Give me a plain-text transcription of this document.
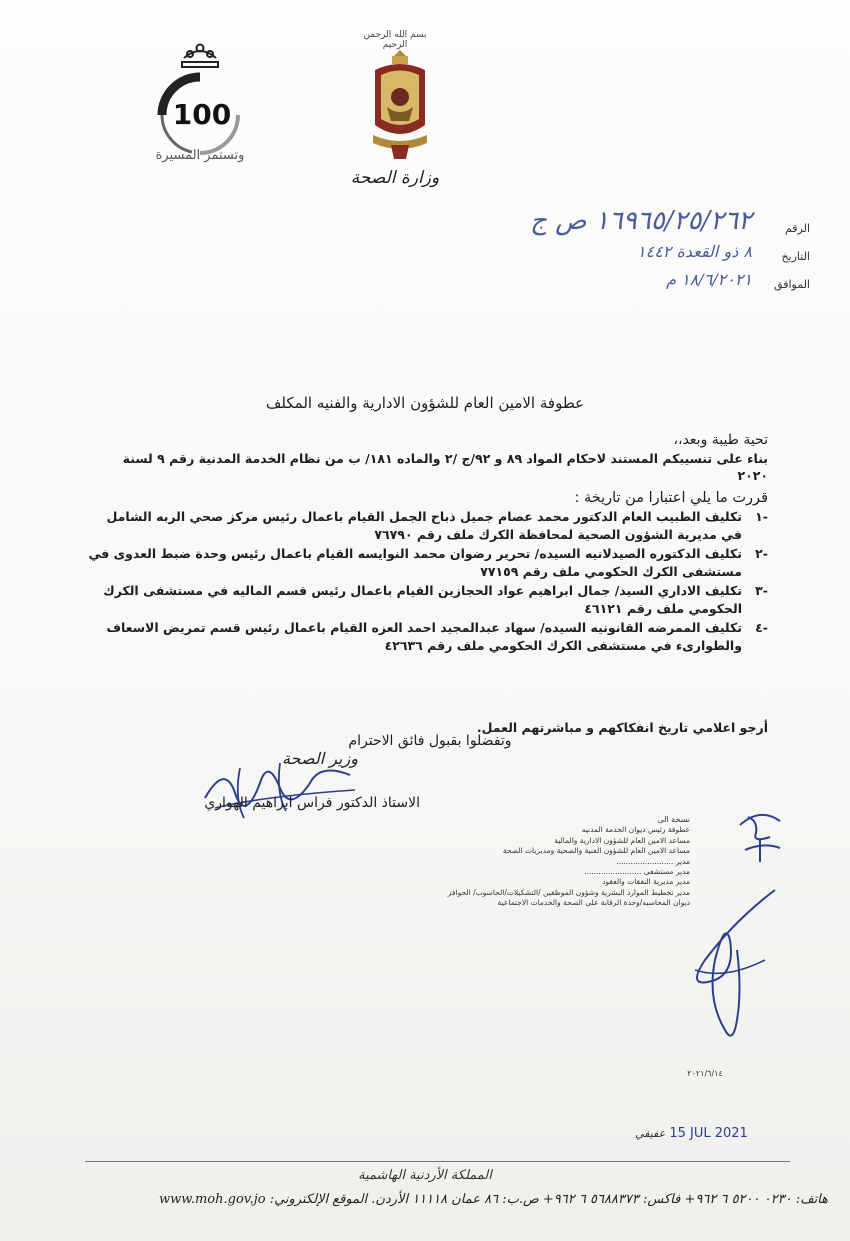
100
وتستمر المسيرة
بسم الله الرحمن الرحيم
وزارة الصحة
الرقم
١٦٩٦٥/٢٥/٢٦٢ ص ج
التاريخ
٨ ذو القعدة ١٤٤٢
الموافق
١٨/٦/٢٠٢١ م
عطوفة الامين العام للشؤون الادارية والفنيه المكلف
تحية طيبة وبعد،،
بناء على تنسيبكم المستند لاحكام المواد ٨٩ و ٩٢/ج /٢ والماده ١٨١/ ب من نظام الخدمة المدنية رقم ٩ لسنة ٢٠٢٠
قررت ما يلي اعتبارا من تاريخة :
-١
تكليف الطبيب العام الدكتور محمد عصام جميل ذباح الجمل القيام باعمال رئيس مركز صحي الربه الشامل في مديرية الشؤون الصحية لمحافظة الكرك ملف رقم ٧٦٧٩٠
-٢
تكليف الدكتوره الصيدلانيه السيده/ تحرير رضوان محمد النوايسه القيام باعمال رئيس وحدة ضبط العدوى في مستشفى الكرك الحكومي ملف رقم ٧٧١٥٩
-٣
تكليف الاداري السيد/ جمال ابراهيم عواد الحجازين القيام باعمال رئيس قسم الماليه في مستشفى الكرك الحكومي ملف رقم ٤٦١٢١
-٤
تكليف الممرضه القانونيه السيده/ سهاد عبدالمجيد احمد العزه القيام باعمال رئيس قسم تمريض الاسعاف والطوارىء في مستشفى الكرك الحكومي ملف رقم ٤٢٦٣٦
أرجو اعلامي تاريخ انفكاكهم و مباشرتهم العمل.
وتفضلوا بقبول فائق الاحترام
وزير الصحة
الاستاذ الدكتور فراس ابراهيم الهواري
نسخة الى
عطوفة رئيس ديوان الخدمة المدنيه
مساعد الامين العام للشؤون الادارية والمالية
مساعد الامين العام للشؤون الفنية والصحية ومديريات الصحة
مدير ........................
مدير مستشفى ........................
مدير مديرية النفقات والعقود
مدير تخطيط الموارد البشرية وشؤون الموظفين /التشكيلات/الحاسوب/ الحوافز
ديوان المحاسبه/وحدة الرقابة على الصحة والخدمات الاجتماعية
٢٠٢١/٦/١٤
عفيفي 15 JUL 2021
المملكة الأردنية الهاشمية
هاتف: ٠٢٣٠ ٥٢٠٠ ٦ ٩٦٢+ فاكس: ٥٦٨٨٣٧٣ ٦ ٩٦٢+ ص.ب: ٨٦ عمان ١١١١٨ الأردن. الموقع الإلكتروني: www.moh.gov.jo
